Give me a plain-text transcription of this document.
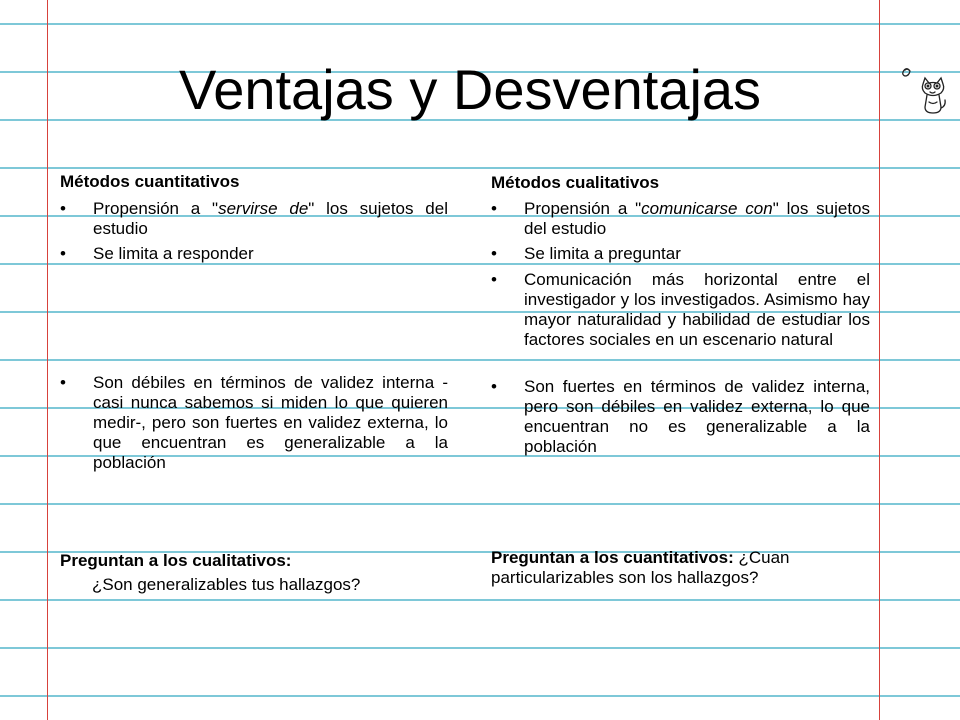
Ventajas y Desventajas
Métodos cuantitativos
• Propensión a "servirse de" los sujetos del estudio
• Se limita a responder
• Son débiles en términos de validez interna -casi nunca sabemos si miden lo que quieren medir-, pero son fuertes en validez externa, lo que encuentran es generalizable a la población
Preguntan a los cualitativos:
¿Son generalizables tus hallazgos?
Métodos cualitativos
• Propensión a "comunicarse con" los sujetos del estudio
• Se limita a preguntar
• Comunicación más horizontal entre el investigador y los investigados. Asimismo hay mayor naturalidad y habilidad de estudiar los factores sociales en un escenario natural
• Son fuertes en términos de validez interna, pero son débiles en validez externa, lo que encuentran no es generalizable a la población
Preguntan a los cuantitativos: ¿Cuan particularizables son los hallazgos?
